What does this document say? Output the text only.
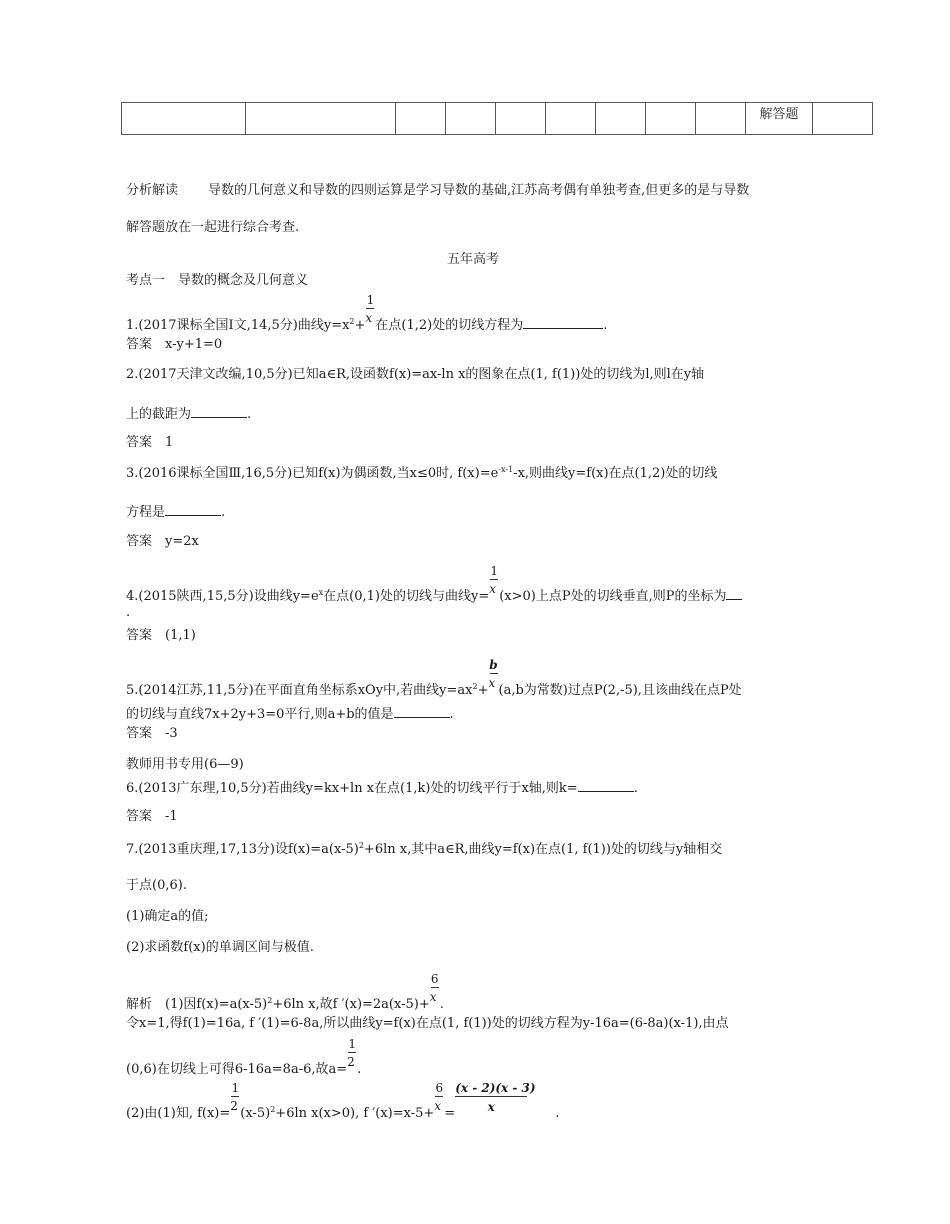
									解答题	
分析解读 导数的几何意义和导数的四则运算是学习导数的基础,江苏高考偶有单独考查,但更多的是与导数
解答题放在一起进行综合考查.
五年高考
考点一　导数的概念及几何意义
1.(2017课标全国Ⅰ文,14,5分)曲线$y=x^2+ \frac{1}{x}$ 在点(1,2)处的切线方程为	.
答案　x-y+1=0
2.(2017天津文改编,10,5分)已知a∈R,设函数f(x)=ax-ln x的图象在点(1, f(1))处的切线为l,则l在y轴
上的截距为	.
答案　1
3.(2016课标全国Ⅲ,16,5分)已知f(x)为偶函数,当x≤0时, $f(x)=e^{-x-1}-x$,则曲线y=f(x)在点(1,2)处的切线
方程是	.
答案　y=2x
4.(2015陕西,15,5分)设曲线$y=e^x$在点(0,1)处的切线与曲线$y= \frac{1}{x} (x>0)$上点P处的切线垂直,则P的坐标为
.
答案　(1,1)
5.(2014江苏,11,5分)在平面直角坐标系xOy中,若曲线$y=ax^2+ \frac{b}{x} (a,b$为常数)过点P(2,-5),且该曲线在点P处
的切线与直线7x+2y+3=0平行,则a+b的值是	.
答案　-3
教师用书专用(6—9)
6.(2013广东理,10,5分)若曲线y=kx+ln x在点(1,k)处的切线平行于x轴,则k=	.
答案　-1
7.(2013重庆理,17,13分)设$f(x)=a(x-5)^2+6\ln$ x,其中a∈R,曲线y=f(x)在点(1, f(1))处的切线与y轴相交
于点(0,6).
(1)确定a的值;
(2)求函数f(x)的单调区间与极值.
解析　(1)因$f(x)=a(x-5)^2+6\ln$ x,故f $'(x)=2a(x-5)+ \frac{6}{x}$ .
令x=1,得f(1)=16a, f ′(1)=6-8a,所以曲线y=f(x)在点(1, f(1))处的切线方程为y-16a=(6-8a)(x-1),由点
(0,6)在切线上可得6-16a=8a-6,故$a= \frac{1}{2}$ .
(2)由(1)知, $f(x)= \frac{1}{2} (x-5)^2+6\ln$ x(x>0), f $'(x)=x-5+ \frac{6}{x} = \frac{(x - 2)(x - 3)}{x}$ .
